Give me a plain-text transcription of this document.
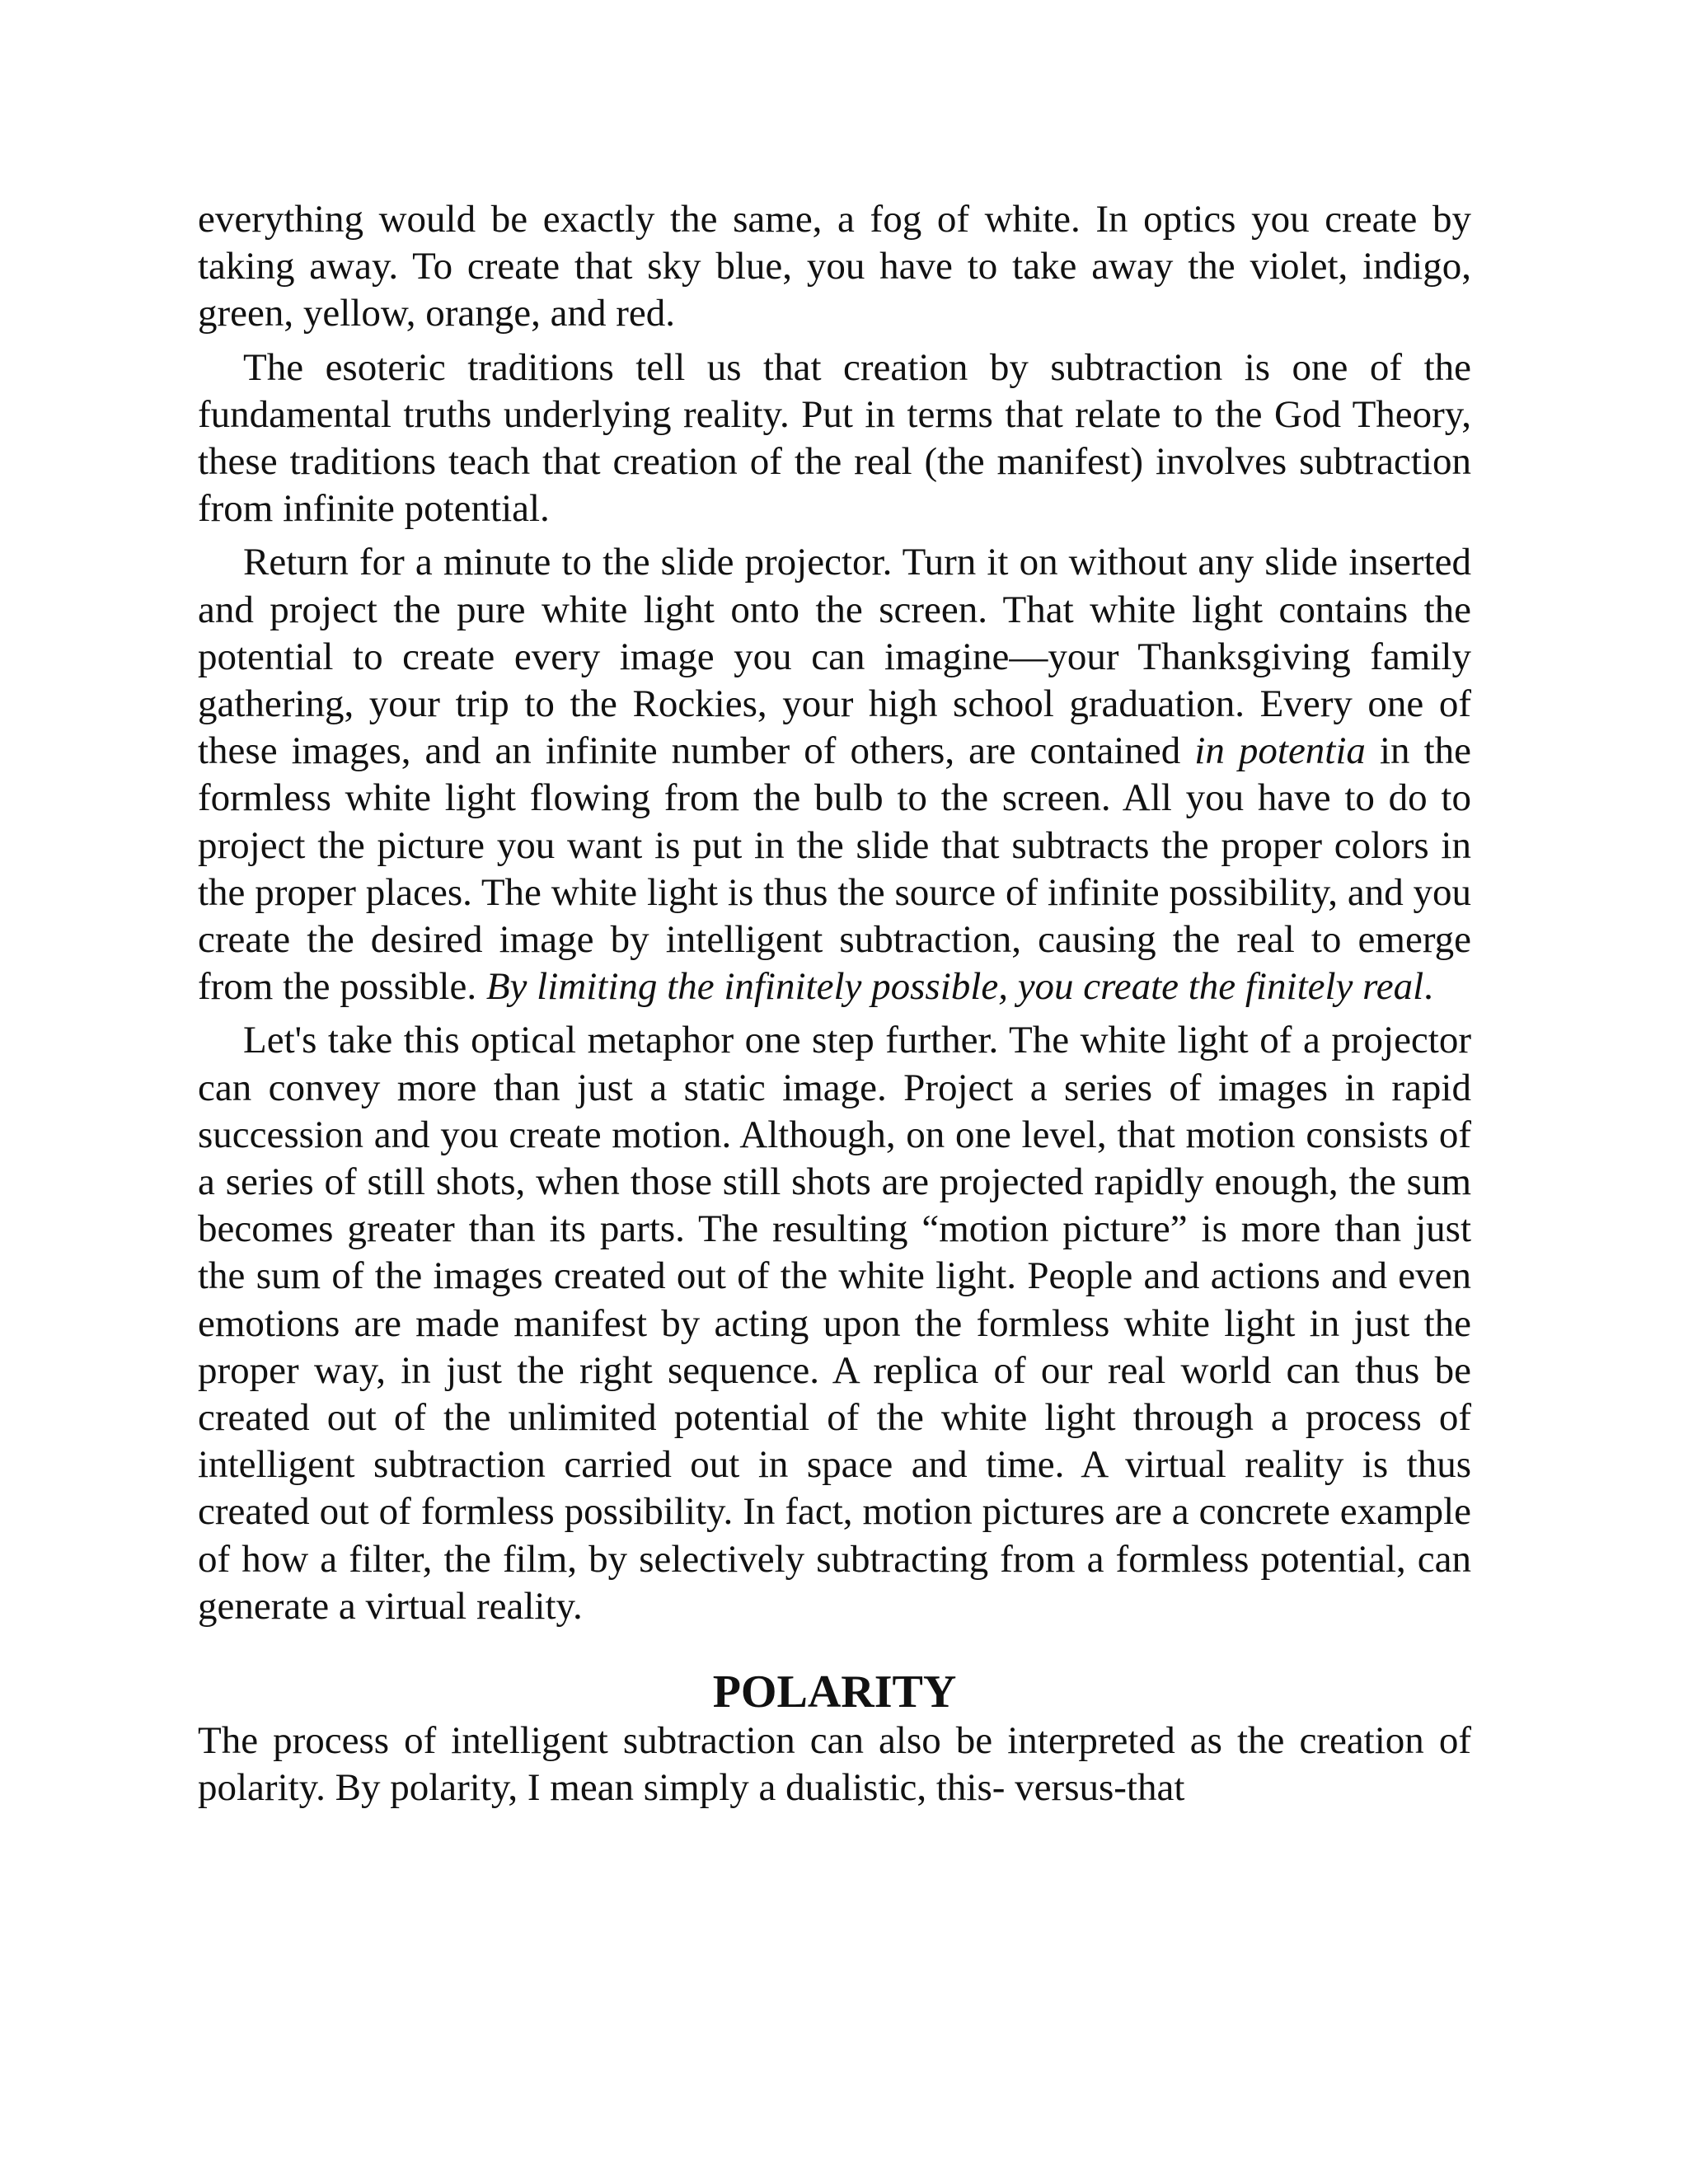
everything would be exactly the same, a fog of white. In optics you create by taking away. To create that sky blue, you have to take away the violet, indigo, green, yellow, orange, and red.

The esoteric traditions tell us that creation by subtraction is one of the fundamental truths underlying reality. Put in terms that relate to the God Theory, these traditions teach that creation of the real (the manifest) involves subtraction from infinite potential.

Return for a minute to the slide projector. Turn it on without any slide inserted and project the pure white light onto the screen. That white light contains the potential to create every image you can imagine—your Thanksgiving family gathering, your trip to the Rockies, your high school graduation. Every one of these images, and an infinite number of others, are contained in potentia in the formless white light flowing from the bulb to the screen. All you have to do to project the picture you want is put in the slide that subtracts the proper colors in the proper places. The white light is thus the source of infinite possibility, and you create the desired image by intelligent subtraction, causing the real to emerge from the possible. By limiting the infinitely possible, you create the finitely real.

Let's take this optical metaphor one step further. The white light of a projector can convey more than just a static image. Project a series of images in rapid succession and you create motion. Although, on one level, that motion consists of a series of still shots, when those still shots are projected rapidly enough, the sum becomes greater than its parts. The resulting “motion picture” is more than just the sum of the images created out of the white light. People and actions and even emotions are made manifest by acting upon the formless white light in just the proper way, in just the right sequence. A replica of our real world can thus be created out of the unlimited potential of the white light through a process of intelligent subtraction carried out in space and time. A virtual reality is thus created out of formless possibility. In fact, motion pictures are a concrete example of how a filter, the film, by selectively subtracting from a formless potential, can generate a virtual reality.

POLARITY

The process of intelligent subtraction can also be interpreted as the creation of polarity. By polarity, I mean simply a dualistic, this- versus-that
